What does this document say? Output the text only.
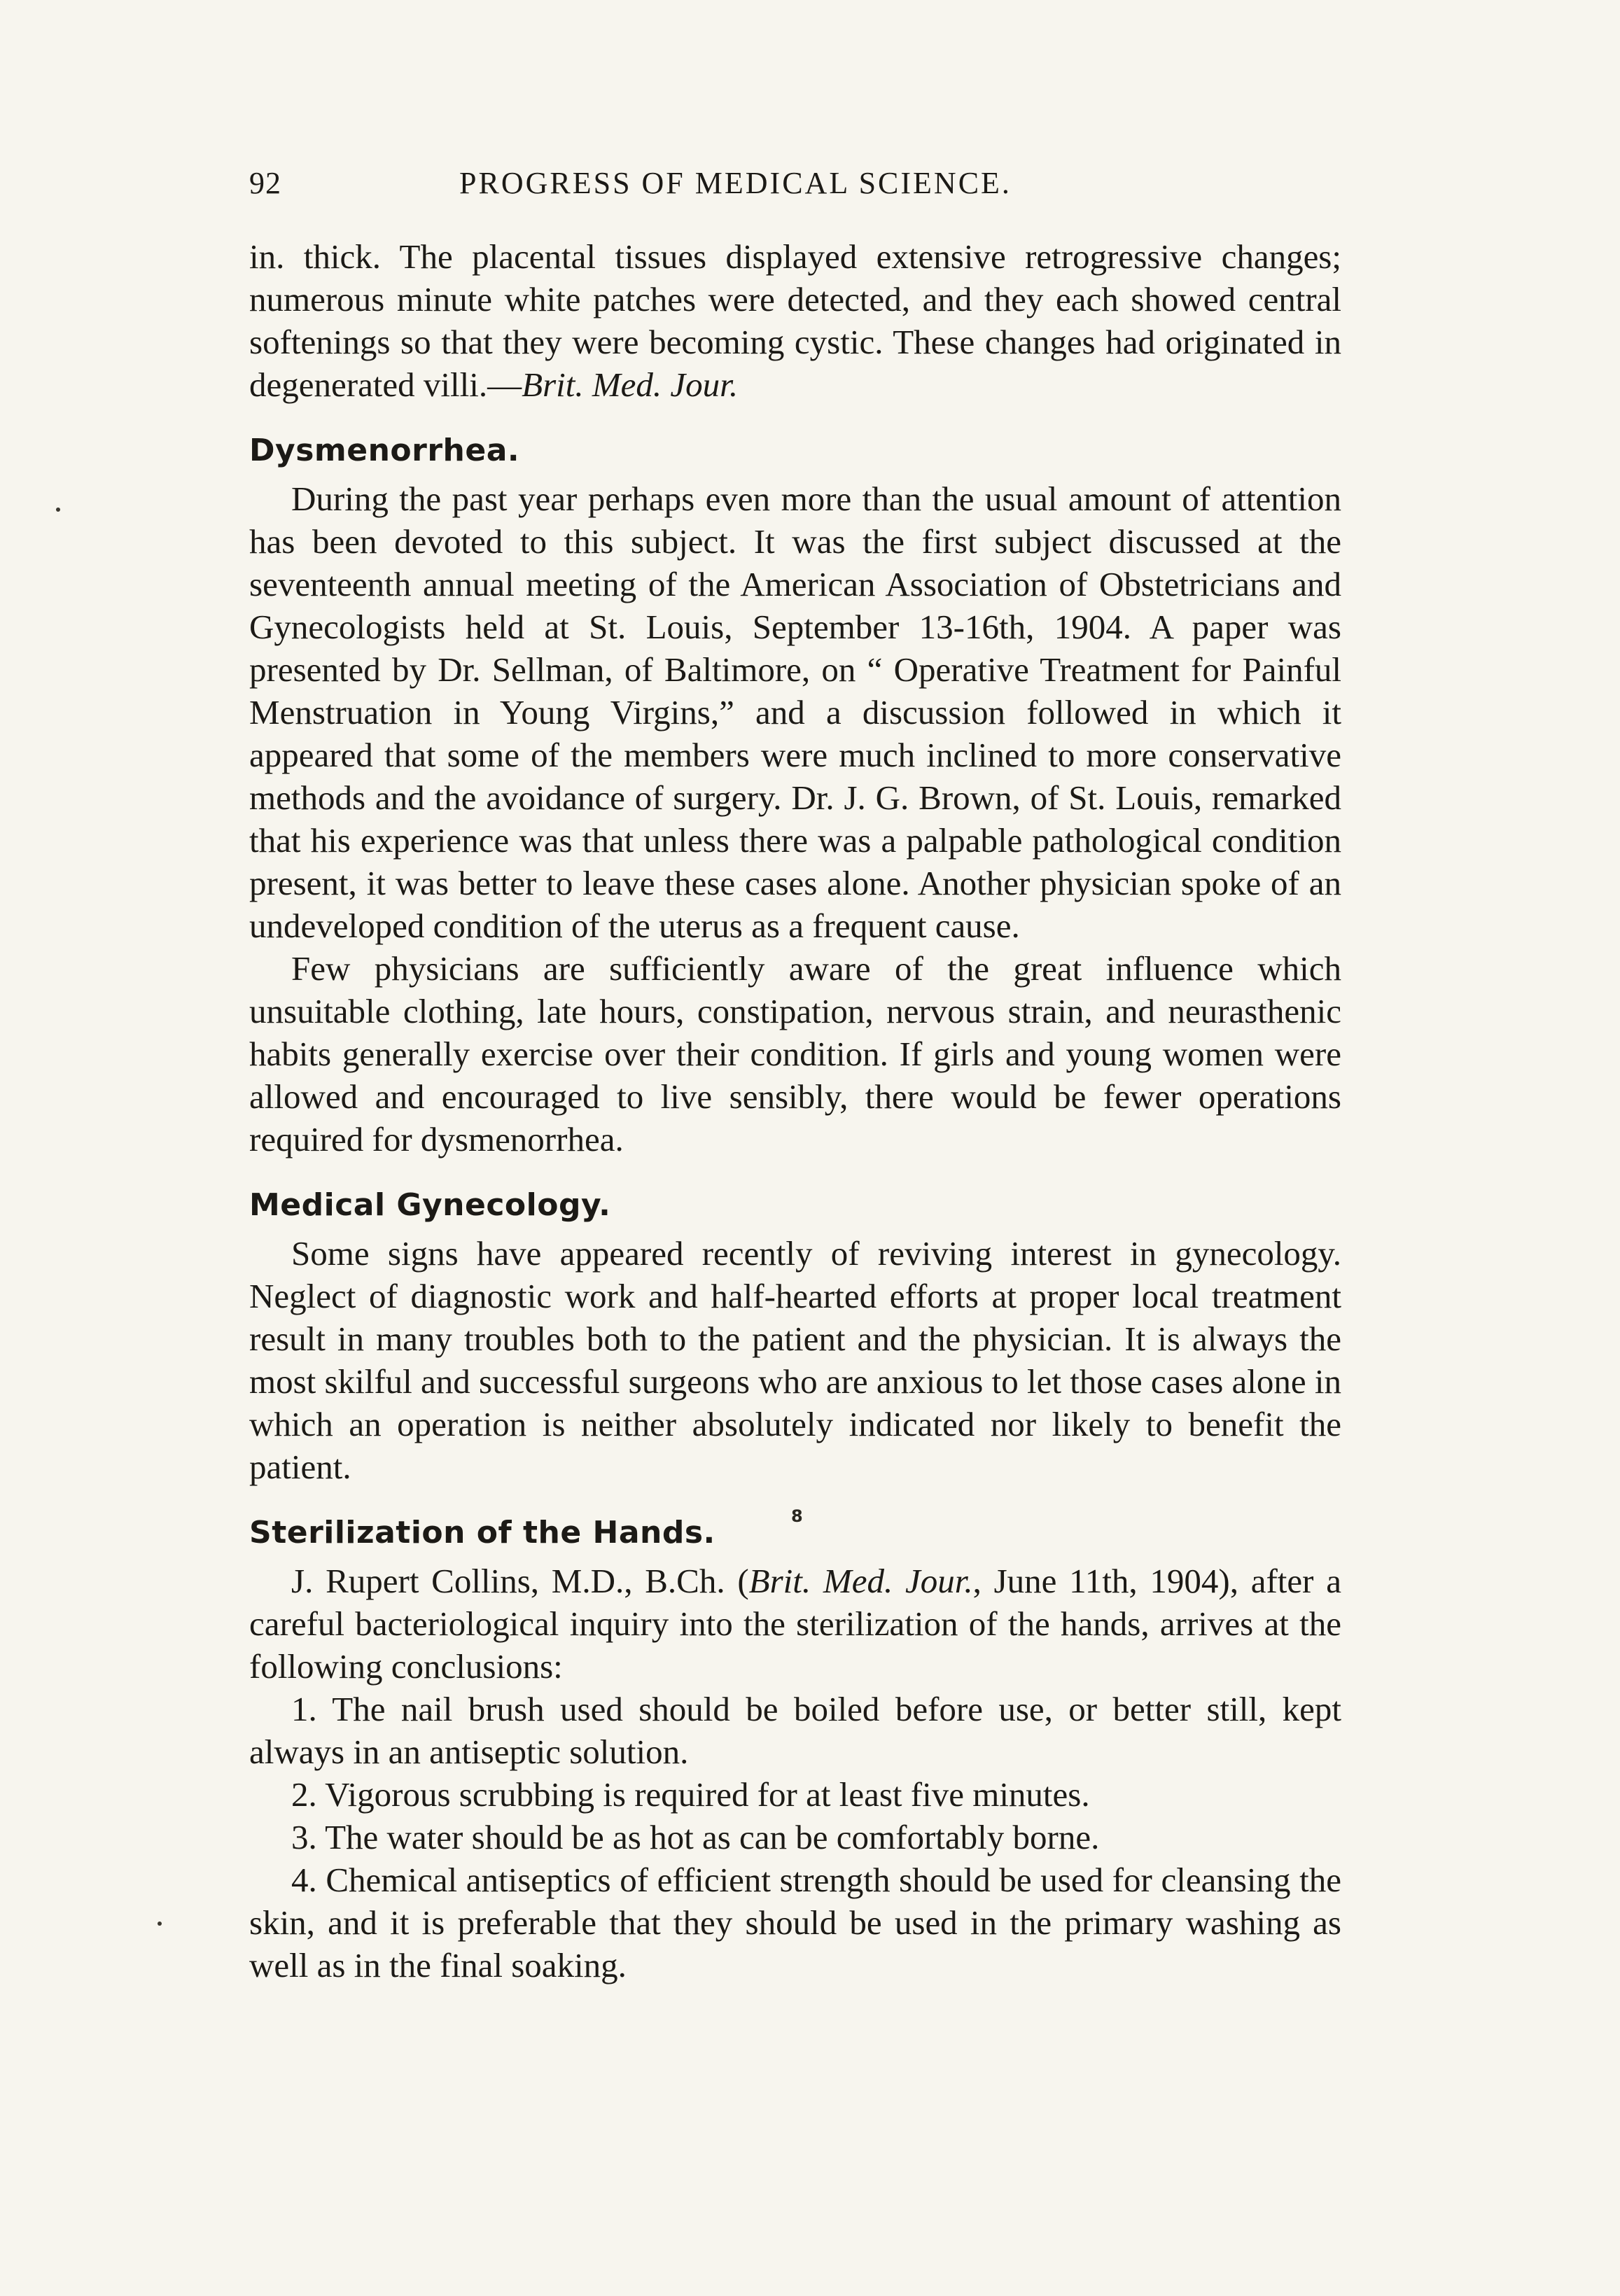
92	PROGRESS OF MEDICAL SCIENCE.

in. thick. The placental tissues displayed extensive retrogressive changes; numerous minute white patches were detected, and they each showed central softenings so that they were becoming cystic. These changes had originated in degenerated villi.—Brit. Med. Jour.

Dysmenorrhea.

During the past year perhaps even more than the usual amount of attention has been devoted to this subject. It was the first subject discussed at the seventeenth annual meeting of the American Association of Obstetricians and Gynecologists held at St. Louis, September 13-16th, 1904. A paper was presented by Dr. Sellman, of Baltimore, on “ Operative Treatment for Painful Menstruation in Young Virgins,” and a discussion followed in which it appeared that some of the members were much inclined to more conservative methods and the avoidance of surgery. Dr. J. G. Brown, of St. Louis, remarked that his experience was that unless there was a palpable pathological condition present, it was better to leave these cases alone. Another physician spoke of an undeveloped condition of the uterus as a frequent cause.

Few physicians are sufficiently aware of the great influence which unsuitable clothing, late hours, constipation, nervous strain, and neurasthenic habits generally exercise over their condition. If girls and young women were allowed and encouraged to live sensibly, there would be fewer operations required for dysmenorrhea.

Medical Gynecology.

Some signs have appeared recently of reviving interest in gynecology. Neglect of diagnostic work and half-hearted efforts at proper local treatment result in many troubles both to the patient and the physician. It is always the most skilful and successful surgeons who are anxious to let those cases alone in which an operation is neither absolutely indicated nor likely to benefit the patient.

Sterilization of the Hands.	8

J. Rupert Collins, M.D., B.Ch. (Brit. Med. Jour., June 11th, 1904), after a careful bacteriological inquiry into the sterilization of the hands, arrives at the following conclusions:

1. The nail brush used should be boiled before use, or better still, kept always in an antiseptic solution.

2. Vigorous scrubbing is required for at least five minutes.

3. The water should be as hot as can be comfortably borne.

4. Chemical antiseptics of efficient strength should be used for cleansing the skin, and it is preferable that they should be used in the primary washing as well as in the final soaking.
